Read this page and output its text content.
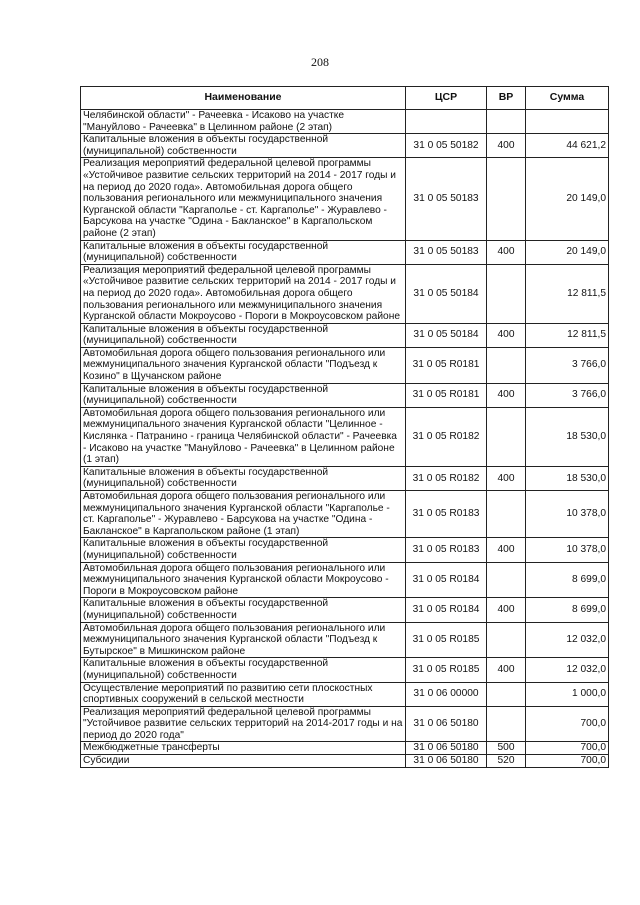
208
Наименование	ЦСР	ВР	Сумма
Челябинской области" - Рачеевка - Исаково на участке "Мануйлово - Рачеевка" в Целинном районе (2 этап)			
Капитальные вложения в объекты государственной (муниципальной) собственности	31 0 05 50182	400	44 621,2
Реализация мероприятий федеральной целевой программы «Устойчивое развитие сельских территорий на 2014 - 2017 годы и на период до 2020 года». Автомобильная дорога общего пользования регионального или межмуниципального значения Курганской области "Каргаполье - ст. Каргаполье" - Журавлево - Барсукова на участке "Одина - Бакланское" в Каргапольском районе (2 этап)	31 0 05 50183		20 149,0
Капитальные вложения в объекты государственной (муниципальной) собственности	31 0 05 50183	400	20 149,0
Реализация мероприятий федеральной целевой программы «Устойчивое развитие сельских территорий на 2014 - 2017 годы и на период до 2020 года». Автомобильная дорога общего пользования регионального или межмуниципального значения Курганской области Мокроусово - Пороги в Мокроусовском районе	31 0 05 50184		12 811,5
Капитальные вложения в объекты государственной (муниципальной) собственности	31 0 05 50184	400	12 811,5
Автомобильная дорога общего пользования регионального или межмуниципального значения Курганской области "Подъезд к Козино" в Щучанском районе	31 0 05 R0181		3 766,0
Капитальные вложения в объекты государственной (муниципальной) собственности	31 0 05 R0181	400	3 766,0
Автомобильная дорога общего пользования регионального или межмуниципального значения Курганской области "Целинное - Кислянка - Патранино - граница Челябинской области" - Рачеевка - Исаково на участке "Мануйлово - Рачеевка" в Целинном районе (1 этап)	31 0 05 R0182		18 530,0
Капитальные вложения в объекты государственной (муниципальной) собственности	31 0 05 R0182	400	18 530,0
Автомобильная дорога общего пользования регионального или межмуниципального значения Курганской области "Каргаполье - ст. Каргаполье" - Журавлево - Барсукова на участке "Одина - Бакланское" в Каргапольском районе (1 этап)	31 0 05 R0183		10 378,0
Капитальные вложения в объекты государственной (муниципальной) собственности	31 0 05 R0183	400	10 378,0
Автомобильная дорога общего пользования регионального или межмуниципального значения Курганской области Мокроусово - Пороги в Мокроусовском районе	31 0 05 R0184		8 699,0
Капитальные вложения в объекты государственной (муниципальной) собственности	31 0 05 R0184	400	8 699,0
Автомобильная дорога общего пользования регионального или межмуниципального значения Курганской области "Подъезд к Бутырское" в Мишкинском районе	31 0 05 R0185		12 032,0
Капитальные вложения в объекты государственной (муниципальной) собственности	31 0 05 R0185	400	12 032,0
Осуществление мероприятий по развитию сети плоскостных спортивных сооружений в сельской местности	31 0 06 00000		1 000,0
Реализация мероприятий федеральной целевой программы "Устойчивое развитие сельских территорий на 2014-2017 годы и на период до 2020 года"	31 0 06 50180		700,0
Межбюджетные трансферты	31 0 06 50180	500	700,0
Субсидии	31 0 06 50180	520	700,0
